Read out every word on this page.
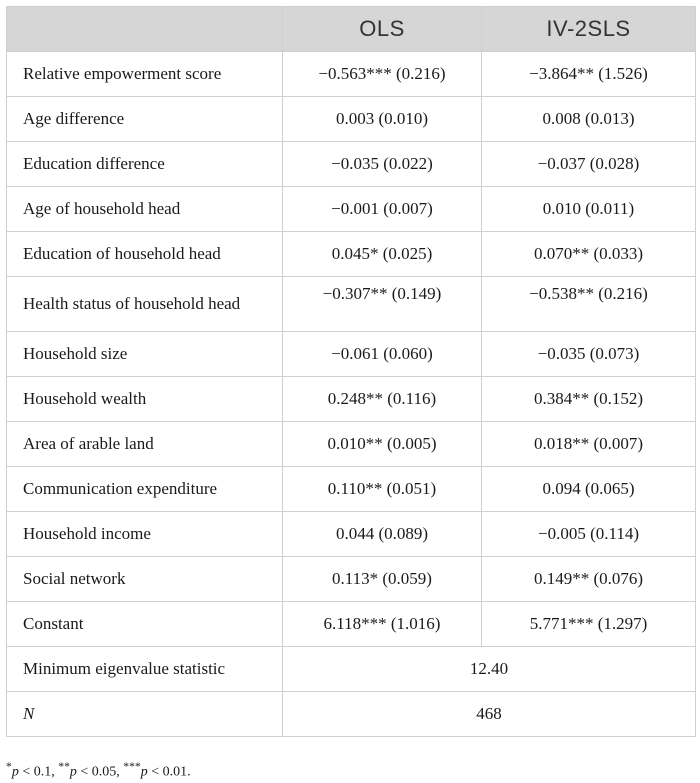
	OLS	IV-2SLS
Relative empowerment score	−0.563*** (0.216)	−3.864** (1.526)
Age difference	0.003 (0.010)	0.008 (0.013)
Education difference	−0.035 (0.022)	−0.037 (0.028)
Age of household head	−0.001 (0.007)	0.010 (0.011)
Education of household head	0.045* (0.025)	0.070** (0.033)
Health status of household head	−0.307** (0.149)	−0.538** (0.216)
Household size	−0.061 (0.060)	−0.035 (0.073)
Household wealth	0.248** (0.116)	0.384** (0.152)
Area of arable land	0.010** (0.005)	0.018** (0.007)
Communication expenditure	0.110** (0.051)	0.094 (0.065)
Household income	0.044 (0.089)	−0.005 (0.114)
Social network	0.113* (0.059)	0.149** (0.076)
Constant	6.118*** (1.016)	5.771*** (1.297)
Minimum eigenvalue statistic	12.40	
N	468	
*p < 0.1, **p < 0.05, ***p < 0.01.
